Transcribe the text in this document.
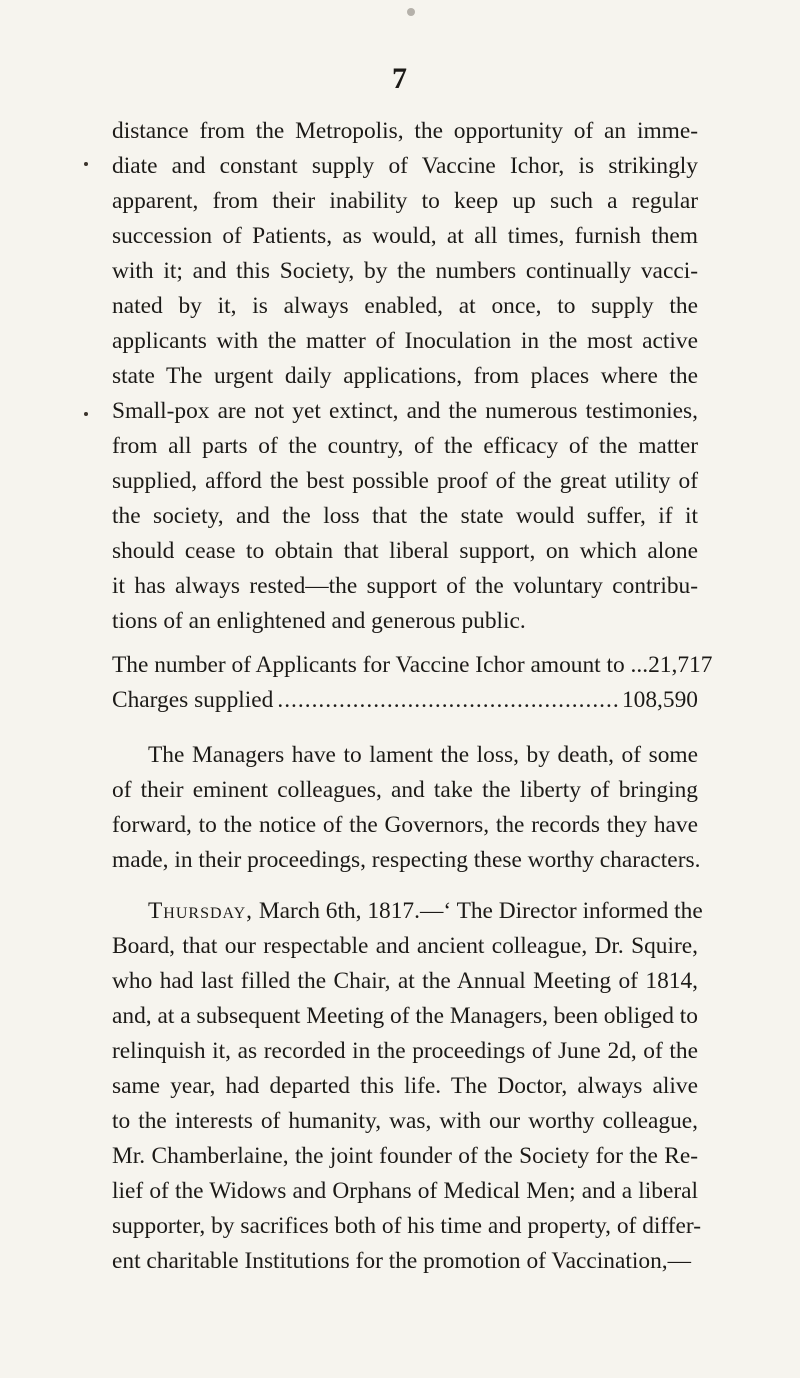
7
distance from the Metropolis, the opportunity of an imme-
diate and constant supply of Vaccine Ichor, is strikingly
apparent, from their inability to keep up such a regular
succession of Patients, as would, at all times, furnish them
with it; and this Society, by the numbers continually vacci-
nated by it, is always enabled, at once, to supply the
applicants with the matter of Inoculation in the most active
state The urgent daily applications, from places where the
Small-pox are not yet extinct, and the numerous testimonies,
from all parts of the country, of the efficacy of the matter
supplied, afford the best possible proof of the great utility of
the society, and the loss that the state would suffer, if it
should cease to obtain that liberal support, on which alone
it has always rested—the support of the voluntary contribu-
tions of an enlightened and generous public.
The number of Applicants for Vaccine Ichor amount to ... 21,717
Charges supplied
.....	108,590
The Managers have to lament the loss, by death, of some
of their eminent colleagues, and take the liberty of bringing
forward, to the notice of the Governors, the records they have
made, in their proceedings, respecting these worthy characters.
Thursday, March 6th, 1817.—‘ The Director informed the
Board, that our respectable and ancient colleague, Dr. Squire,
who had last filled the Chair, at the Annual Meeting of 1814,
and, at a subsequent Meeting of the Managers, been obliged to
relinquish it, as recorded in the proceedings of June 2d, of the
same year, had departed this life. The Doctor, always alive
to the interests of humanity, was, with our worthy colleague,
Mr. Chamberlaine, the joint founder of the Society for the Re-
lief of the Widows and Orphans of Medical Men; and a liberal
supporter, by sacrifices both of his time and property, of differ-
ent charitable Institutions for the promotion of Vaccination,—
